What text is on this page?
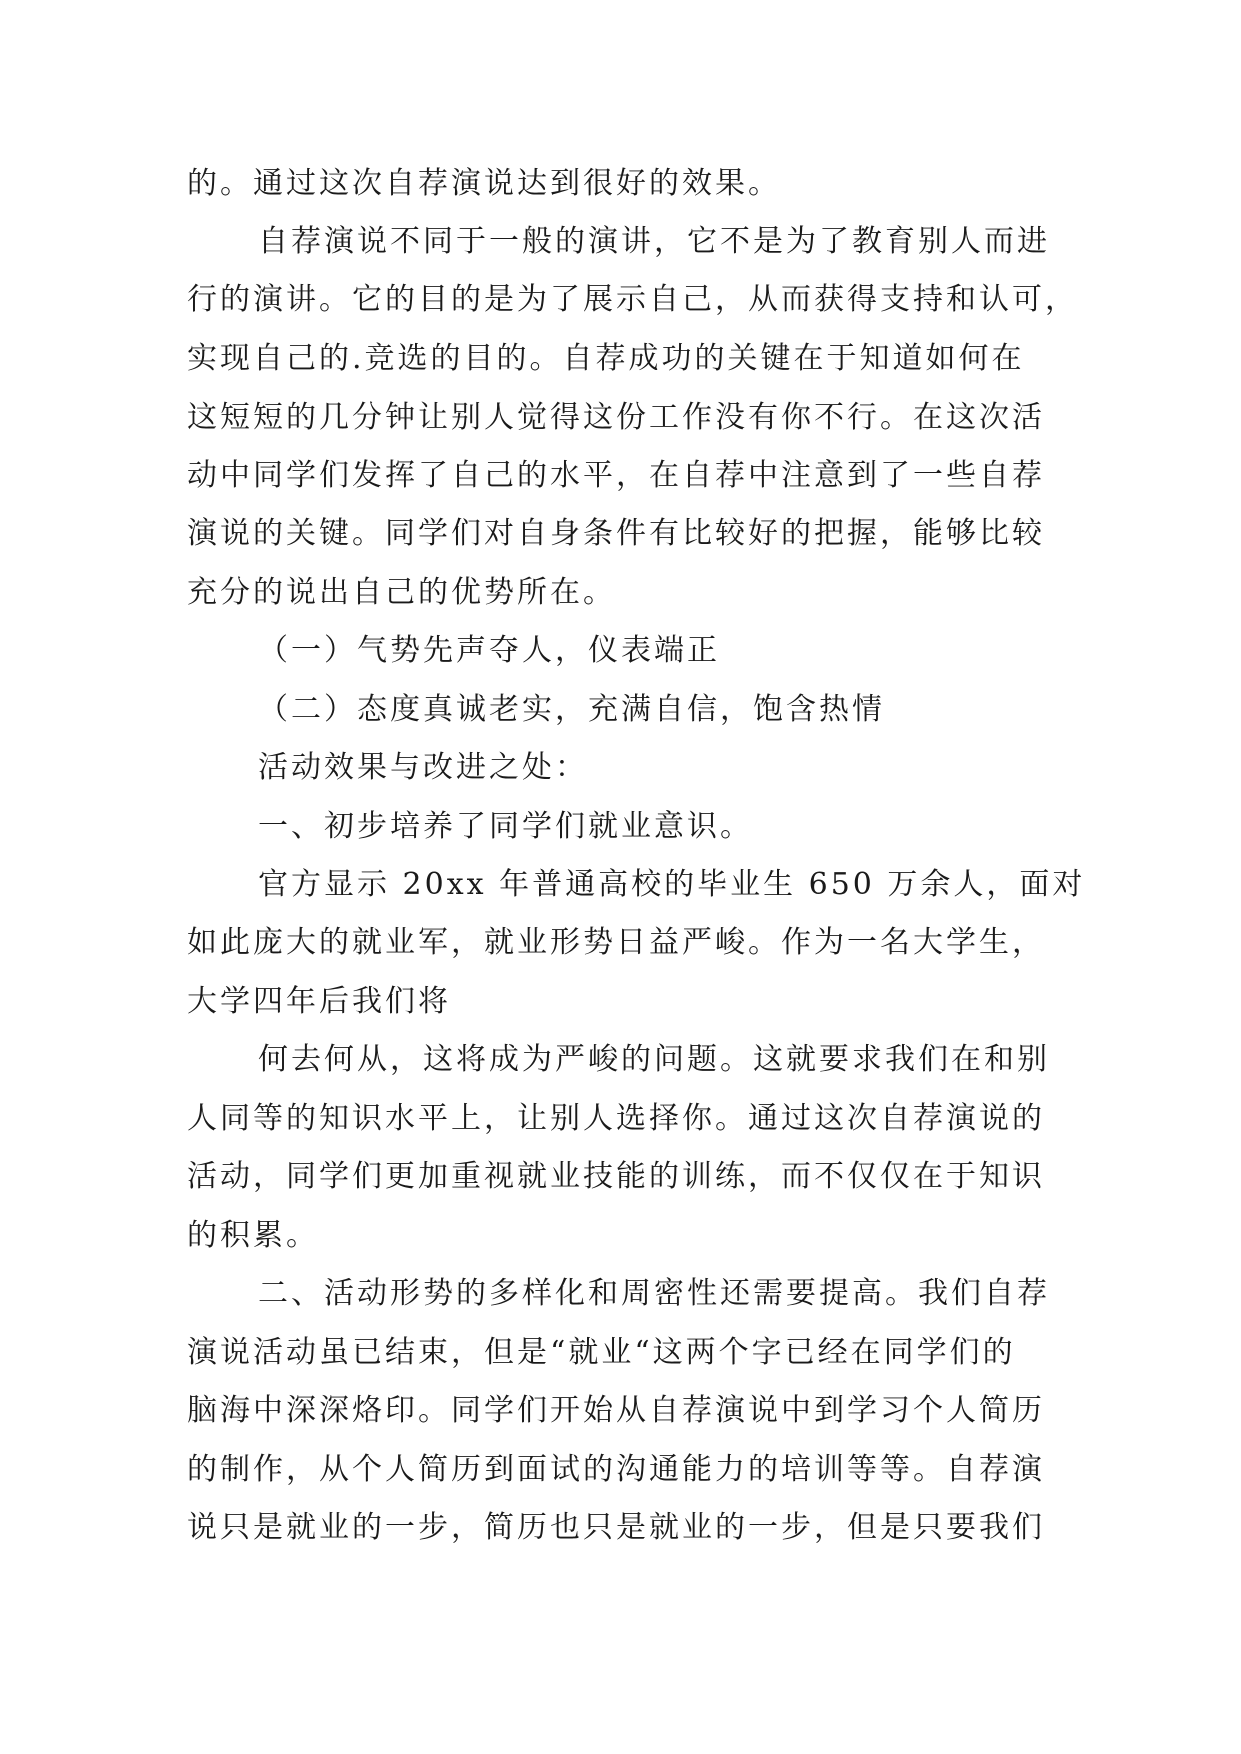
的。通过这次自荐演说达到很好的效果。
自荐演说不同于一般的演讲，它不是为了教育别人而进
行的演讲。它的目的是为了展示自己，从而获得支持和认可，
实现自己的.竞选的目的。自荐成功的关键在于知道如何在
这短短的几分钟让别人觉得这份工作没有你不行。在这次活
动中同学们发挥了自己的水平，在自荐中注意到了一些自荐
演说的关键。同学们对自身条件有比较好的把握，能够比较
充分的说出自己的优势所在。
（一）气势先声夺人，仪表端正
（二）态度真诚老实，充满自信，饱含热情
活动效果与改进之处：
一、初步培养了同学们就业意识。
官方显示 20xx 年普通高校的毕业生 650 万余人，面对
如此庞大的就业军，就业形势日益严峻。作为一名大学生，
大学四年后我们将
何去何从，这将成为严峻的问题。这就要求我们在和别
人同等的知识水平上，让别人选择你。通过这次自荐演说的
活动，同学们更加重视就业技能的训练，而不仅仅在于知识
的积累。
二、活动形势的多样化和周密性还需要提高。我们自荐
演说活动虽已结束，但是“就业“这两个字已经在同学们的
脑海中深深烙印。同学们开始从自荐演说中到学习个人简历
的制作，从个人简历到面试的沟通能力的培训等等。自荐演
说只是就业的一步，简历也只是就业的一步，但是只要我们
